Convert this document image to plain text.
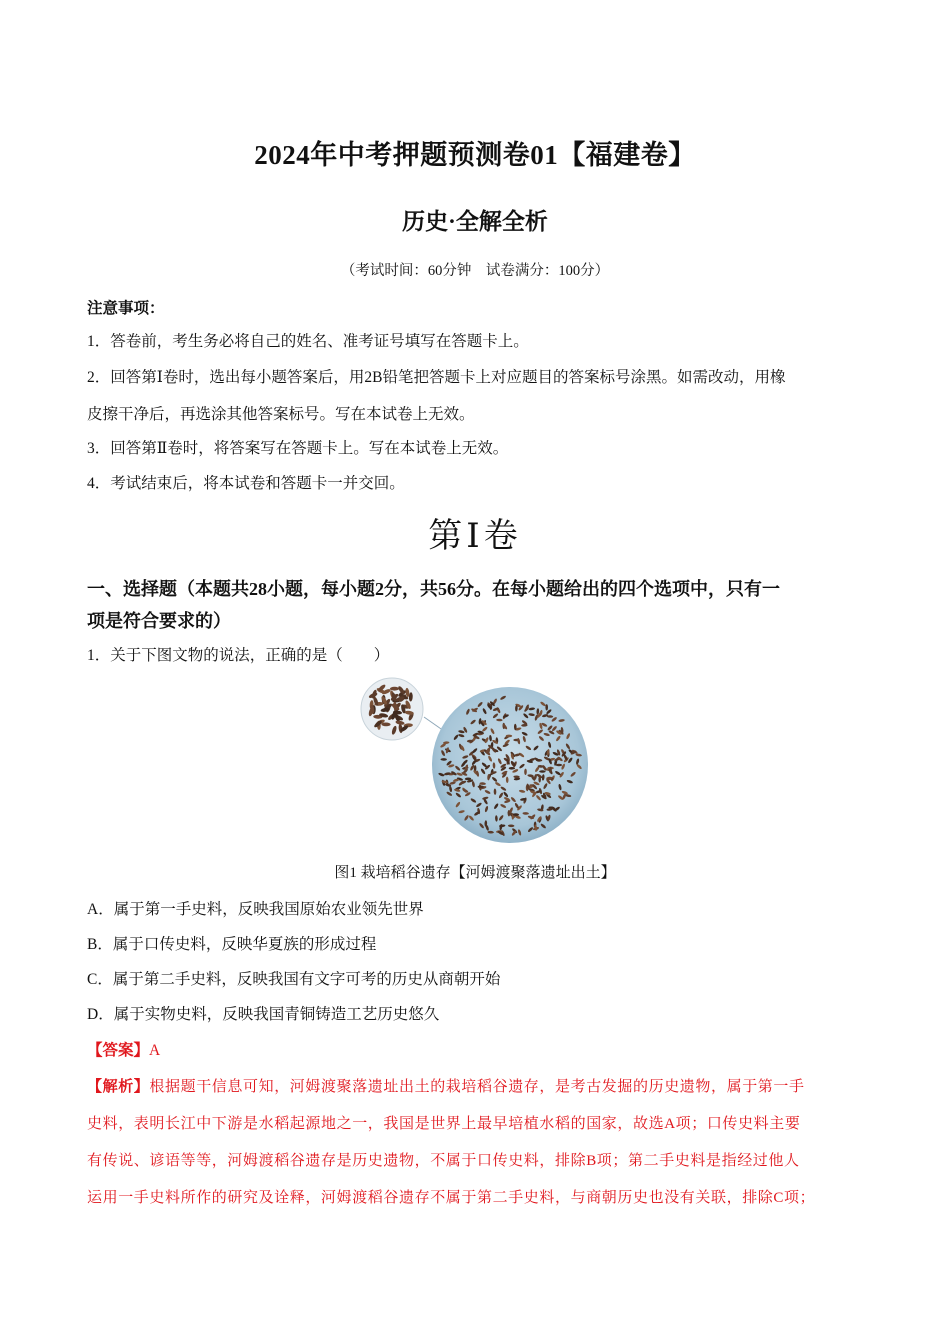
2024年中考押题预测卷01【福建卷】
历史·全解全析
（考试时间：60分钟　试卷满分：100分）
注意事项：
1．答卷前，考生务必将自己的姓名、准考证号填写在答题卡上。
2．回答第Ⅰ卷时，选出每小题答案后，用2B铅笔把答题卡上对应题目的答案标号涂黑。如需改动，用橡
皮擦干净后，再选涂其他答案标号。写在本试卷上无效。
3．回答第Ⅱ卷时，将答案写在答题卡上。写在本试卷上无效。
4．考试结束后，将本试卷和答题卡一并交回。
第Ⅰ卷
一、选择题（本题共28小题，每小题2分，共56分。在每小题给出的四个选项中，只有一
项是符合要求的）
1．关于下图文物的说法，正确的是（　　）
图1 栽培稻谷遗存【河姆渡聚落遗址出土】
A．属于第一手史料，反映我国原始农业领先世界
B．属于口传史料，反映华夏族的形成过程
C．属于第二手史料，反映我国有文字可考的历史从商朝开始
D．属于实物史料，反映我国青铜铸造工艺历史悠久
【答案】A
【解析】根据题干信息可知，河姆渡聚落遗址出土的栽培稻谷遗存，是考古发掘的历史遗物，属于第一手
史料，表明长江中下游是水稻起源地之一，我国是世界上最早培植水稻的国家，故选A项；口传史料主要
有传说、谚语等等，河姆渡稻谷遗存是历史遗物，不属于口传史料，排除B项；第二手史料是指经过他人
运用一手史料所作的研究及诠释，河姆渡稻谷遗存不属于第二手史料，与商朝历史也没有关联，排除C项；
